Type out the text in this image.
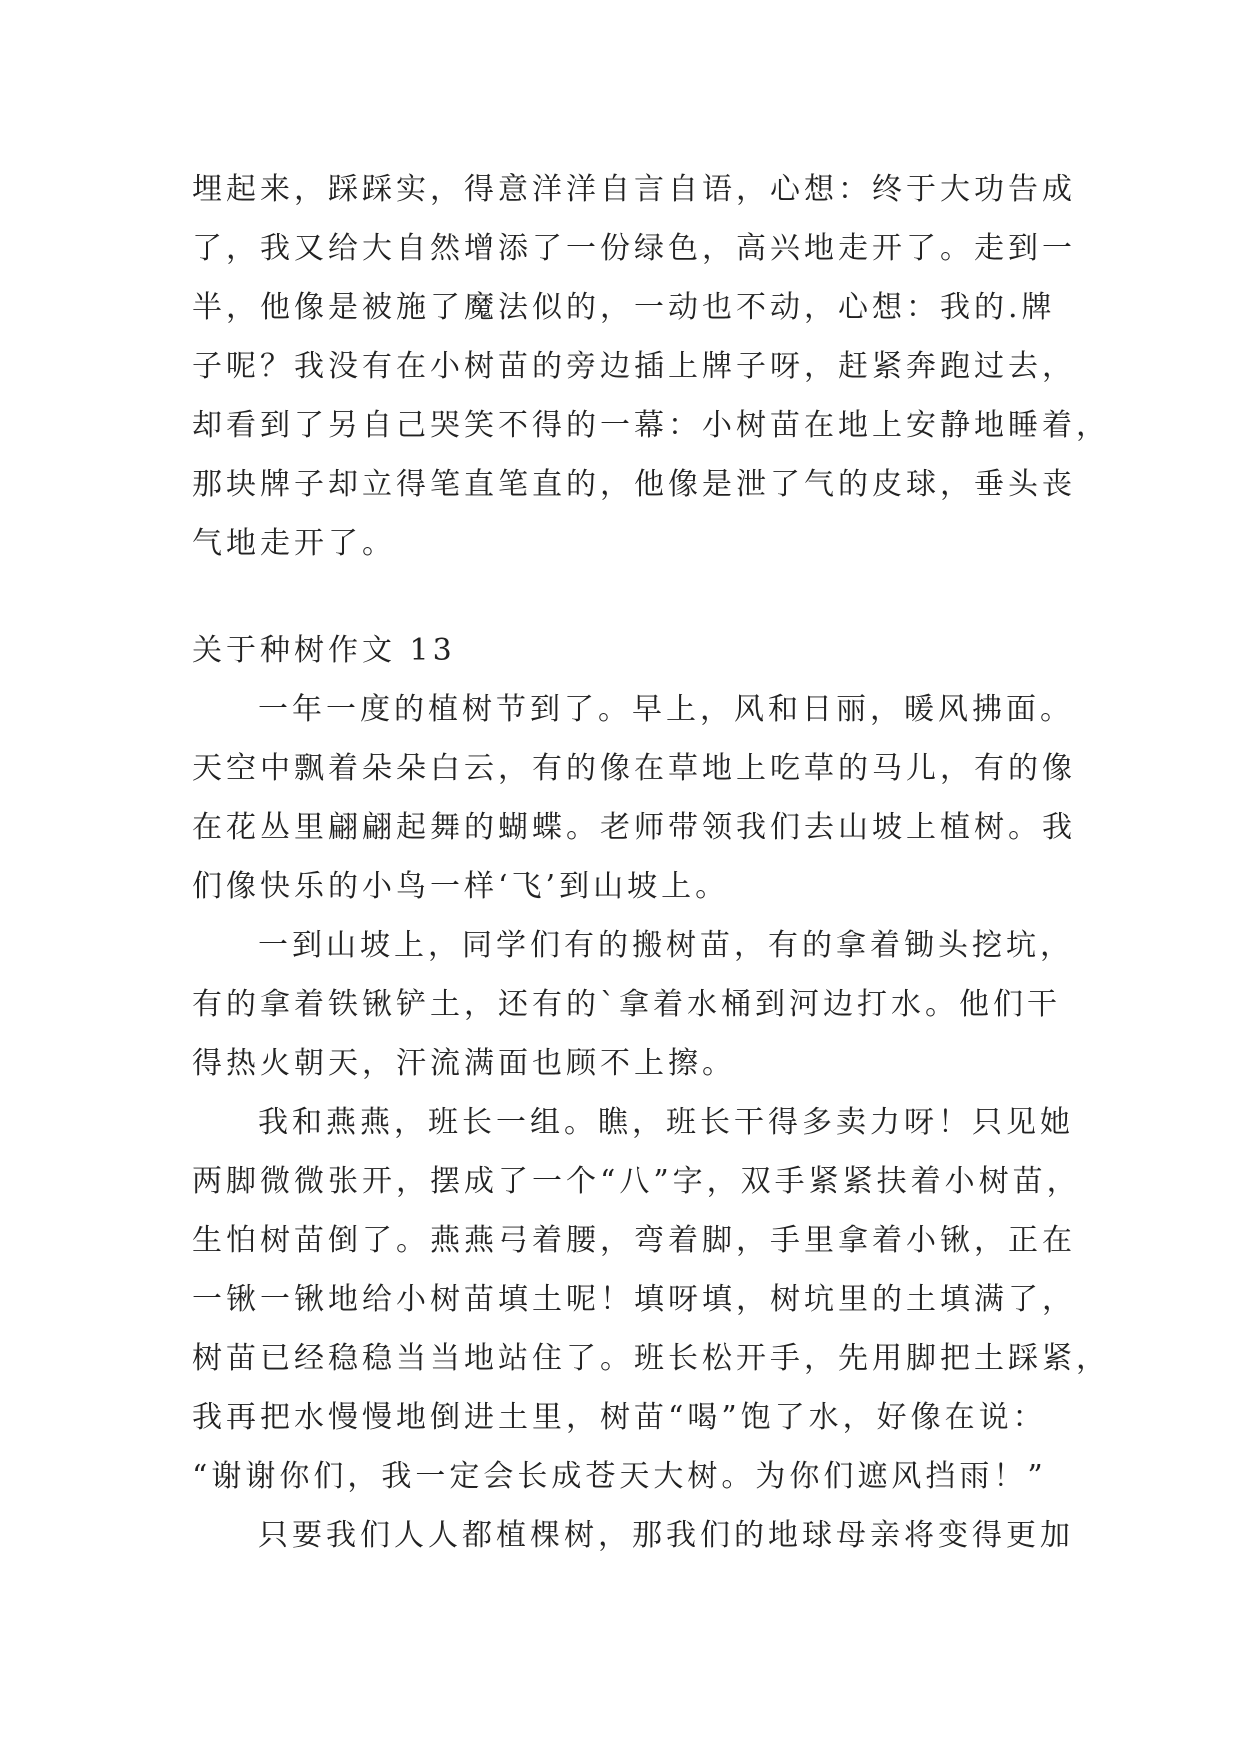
埋起来，踩踩实，得意洋洋自言自语，心想：终于大功告成
了，我又给大自然增添了一份绿色，高兴地走开了。走到一
半，他像是被施了魔法似的，一动也不动，心想：我的.牌
子呢？我没有在小树苗的旁边插上牌子呀，赶紧奔跑过去，
却看到了另自己哭笑不得的一幕：小树苗在地上安静地睡着，
那块牌子却立得笔直笔直的，他像是泄了气的皮球，垂头丧
气地走开了。
关于种树作文 13
一年一度的植树节到了。早上，风和日丽，暖风拂面。
天空中飘着朵朵白云，有的像在草地上吃草的马儿，有的像
在花丛里翩翩起舞的蝴蝶。老师带领我们去山坡上植树。我
们像快乐的小鸟一样‘飞’到山坡上。
一到山坡上，同学们有的搬树苗，有的拿着锄头挖坑，
有的拿着铁锹铲土，还有的`拿着水桶到河边打水。他们干
得热火朝天，汗流满面也顾不上擦。
我和燕燕，班长一组。瞧，班长干得多卖力呀！只见她
两脚微微张开，摆成了一个“八”字，双手紧紧扶着小树苗，
生怕树苗倒了。燕燕弓着腰，弯着脚，手里拿着小锹，正在
一锹一锹地给小树苗填土呢！填呀填，树坑里的土填满了，
树苗已经稳稳当当地站住了。班长松开手，先用脚把土踩紧，
我再把水慢慢地倒进土里，树苗“喝”饱了水，好像在说：
“谢谢你们，我一定会长成苍天大树。为你们遮风挡雨！”
只要我们人人都植棵树，那我们的地球母亲将变得更加
